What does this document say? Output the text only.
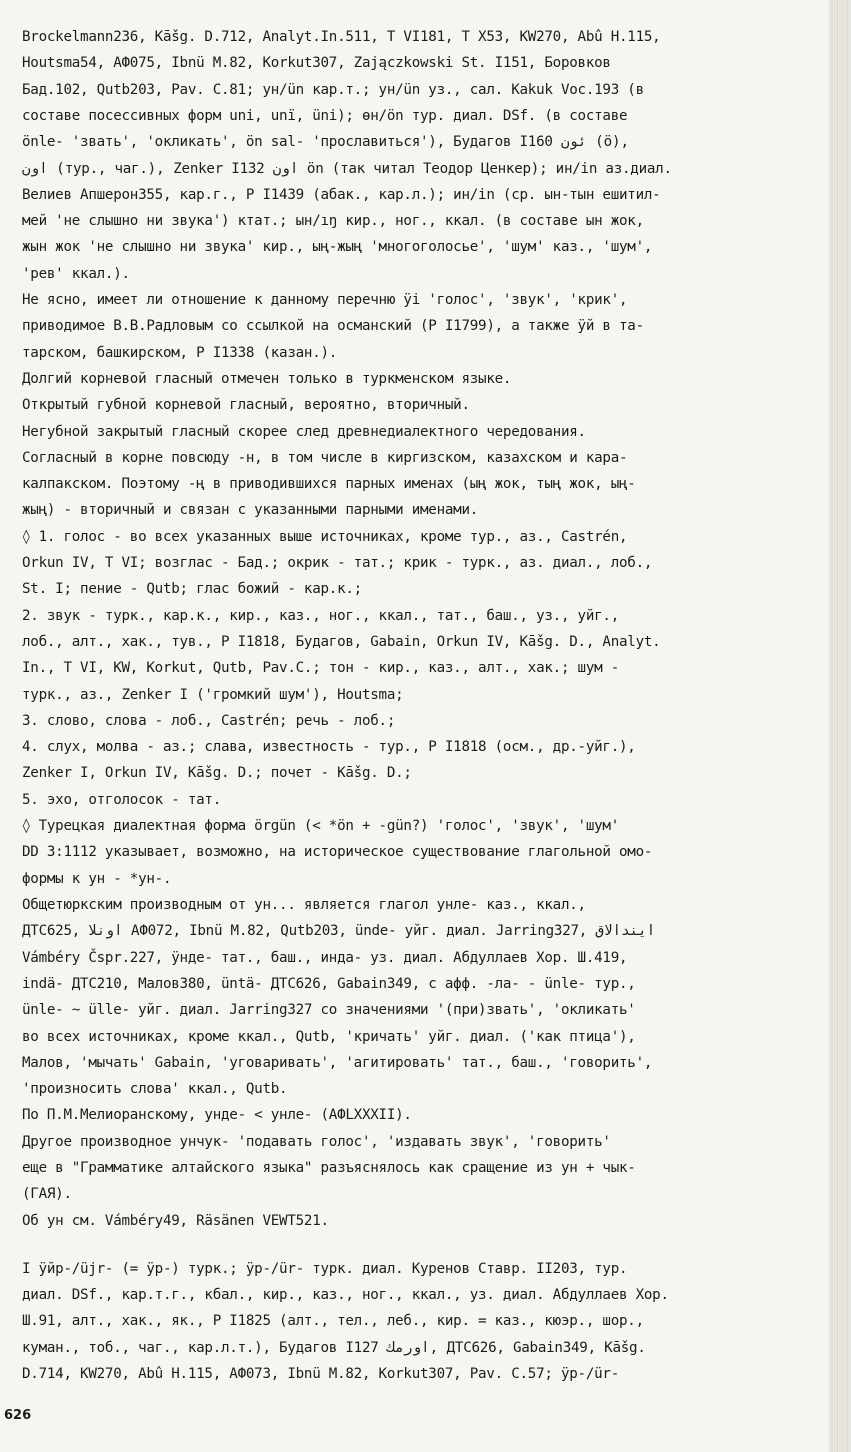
Brockelmann236, Kāšg. D.712, Analyt.In.511, T VI181, T X53, KW270, Abû H.115,
Houtsma54, АФ075, Ibnü M.82, Korkut307, Zajączkowski St. I151, Боровков
Бад.102, Qutb203, Pav. C.81; ун/ün кар.т.; ун/ün уз., сал. Kakuk Voc.193 (в
составе посессивных форм uni, unï, üni); өн/ön тур. диал. DSf. (в составе
önle- 'звать', 'окликать', ön sal- 'прославиться'), Будагов I160 ئون (ӧ),
اون (тур., чаг.), Zenker I132 اون ön (так читал Теодор Ценкер); ин/in аз.диал.
Велиев Апшерон355, кар.г., Р I1439 (абак., кар.л.); ин/in (ср. ын-тын ешитил-
мей 'не слышно ни звука') ктат.; ын/ıŋ кир., ног., ккал. (в составе ын жок,
жын жок 'не слышно ни звука' кир., ың-жың 'многоголосье', 'шум' каз., 'шум',
'рев' ккал.).
Не ясно, имеет ли отношение к данному перечню ÿi 'голос', 'звук', 'крик',
приводимое В.В.Радловым со ссылкой на османский (Р I1799), а также ÿй в та-
тарском, башкирском, Р I1338 (казан.).
Долгий корневой гласный отмечен только в туркменском языке.
Открытый губной корневой гласный, вероятно, вторичный.
Негубной закрытый гласный скорее след древнедиалектного чередования.
Согласный в корне повсюду -н, в том числе в киргизском, казахском и кара-
калпакском. Поэтому -ң в приводившихся парных именах (ың жок, тың жок, ың-
жың) - вторичный и связан с указанными парными именами.
◊ 1. голос - во всех указанных выше источниках, кроме тур., аз., Castrén,
Orkun IV, T VI; возглас - Бад.; окрик - тат.; крик - турк., аз. диал., лоб.,
St. I; пение - Qutb; глас божий - кар.к.;
2. звук - турк., кар.к., кир., каз., ног., ккал., тат., баш., уз., уйг.,
лоб., алт., хак., тув., Р I1818, Будагов, Gabain, Orkun IV, Kāšg. D., Analyt.
In., T VI, KW, Korkut, Qutb, Pav.C.; тон - кир., каз., алт., хак.; шум -
турк., аз., Zenker I ('громкий шум'), Houtsma;
3. слово, слова - лоб., Castrén; речь - лоб.;
4. слух, молва - аз.; слава, известность - тур., Р I1818 (осм., др.-уйг.),
Zenker I, Orkun IV, Kāšg. D.; почет - Kāšg. D.;
5. эхо, отголосок - тат.
◊ Турецкая диалектная форма örgün (< *ön + -gün?) 'голос', 'звук', 'шум'
DD 3:1112 указывает, возможно, на историческое существование глагольной омо-
формы к ун - *ун-.
Общетюркским производным от ун... является глагол унле- каз., ккал.,
ДТС625, اونلا АФ072, Ibnü M.82, Qutb203, ünde- уйг. диал. Jarring327, ايندالاق
Vámbéry Čspr.227, ÿнде- тат., баш., инда- уз. диал. Абдуллаев Хор. Ш.419,
indä- ДТС210, Малов380, üntä- ДТС626, Gabain349, с афф. -ла- - ünle- тур.,
ünle- ~ ülle- уйг. диал. Jarring327 со значениями '(при)звать', 'окликать'
во всех источниках, кроме ккал., Qutb, 'кричать' уйг. диал. ('как птица'),
Малов, 'мычать' Gabain, 'уговаривать', 'агитировать' тат., баш., 'говорить',
'произносить слова' ккал., Qutb.
По П.М.Мелиоранскому, унде- < унле- (АФLXXXII).
Другое производное унчук- 'подавать голос', 'издавать звук', 'говорить'
еще в "Грамматике алтайского языка" разъяснялось как сращение из ун + чык-
(ГАЯ).
Об ун см. Vámbéry49, Räsänen VEWT521.
I ÿйр-/üjr- (= ÿр-) турк.; ÿр-/ür- турк. диал. Куренов Ставр. II203, тур.
диал. DSf., кар.т.г., кбал., кир., каз., ног., ккал., уз. диал. Абдуллаев Хор.
Ш.91, алт., хак., як., Р I1825 (алт., тел., леб., кир. = каз., кюэр., шор.,
куман., тоб., чаг., кар.л.т.), Будагов I127 اورمك, ДТС626, Gabain349, Kāšg.
D.714, KW270, Abû H.115, АФ073, Ibnü M.82, Korkut307, Pav. C.57; ÿр-/ür-
626
